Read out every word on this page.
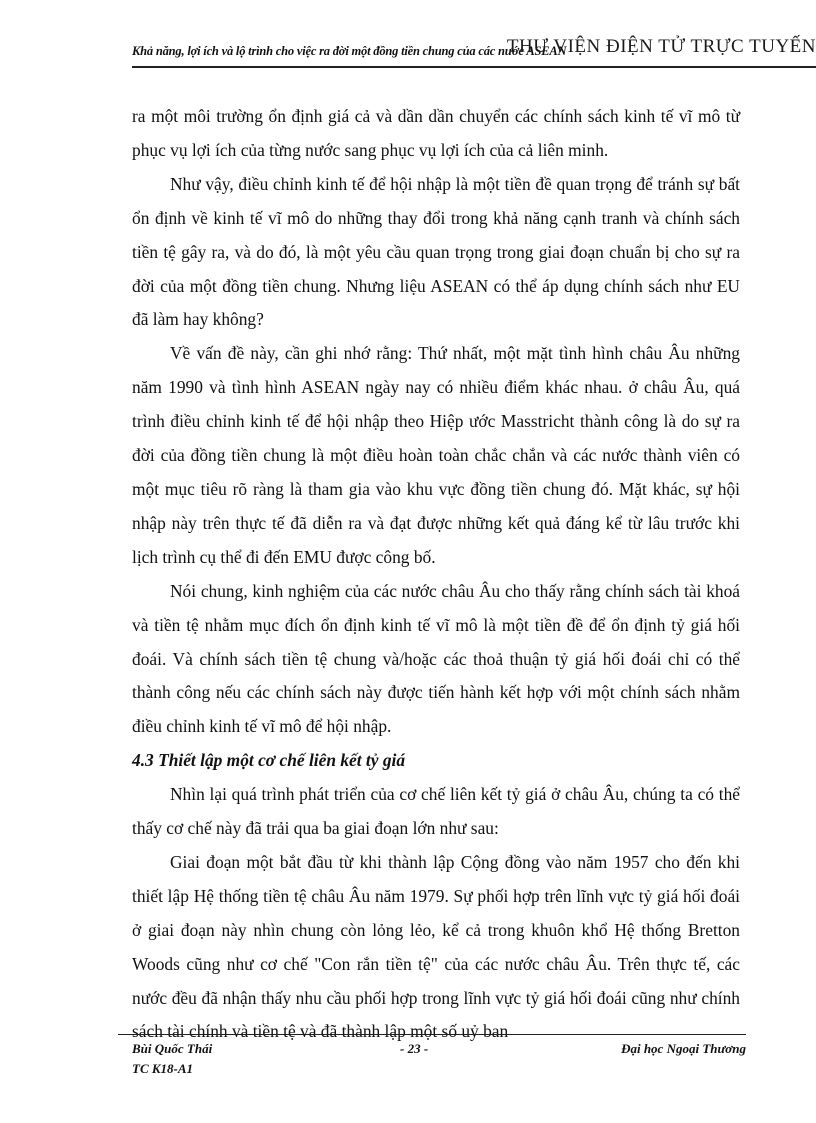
Khả năng, lợi ích và lộ trình cho việc ra đời một đồng tiền chung của các nước ASEAN
THƯ VIỆN ĐIỆN TỬ TRỰC TUYẾN

ra một môi trường ổn định giá cả và dần dần chuyển các chính sách kinh tế vĩ mô từ phục vụ lợi ích của từng nước sang phục vụ lợi ích của cả liên minh.

Như vậy, điều chỉnh kinh tế để hội nhập là một tiền đề quan trọng để tránh sự bất ổn định về kinh tế vĩ mô do những thay đổi trong khả năng cạnh tranh và chính sách tiền tệ gây ra, và do đó, là một yêu cầu quan trọng trong giai đoạn chuẩn bị cho sự ra đời của một đồng tiền chung. Nhưng liệu ASEAN có thể áp dụng chính sách như EU đã làm hay không?

Về vấn đề này, cần ghi nhớ rằng: Thứ nhất, một mặt tình hình châu Âu những năm 1990 và tình hình ASEAN ngày nay có nhiều điểm khác nhau. ở châu Âu, quá trình điều chỉnh kinh tế để hội nhập theo Hiệp ước Masstricht thành công là do sự ra đời của đồng tiền chung là một điều hoàn toàn chắc chắn và các nước thành viên có một mục tiêu rõ ràng là tham gia vào khu vực đồng tiền chung đó. Mặt khác, sự hội nhập này trên thực tế đã diễn ra và đạt được những kết quả đáng kể từ lâu trước khi lịch trình cụ thể đi đến EMU được công bố.

Nói chung, kinh nghiệm của các nước châu Âu cho thấy rằng chính sách tài khoá và tiền tệ nhằm mục đích ổn định kinh tế vĩ mô là một tiền đề để ổn định tỷ giá hối đoái. Và chính sách tiền tệ chung và/hoặc các thoả thuận tỷ giá hối đoái chỉ có thể thành công nếu các chính sách này được tiến hành kết hợp với một chính sách nhằm điều chỉnh kinh tế vĩ mô để hội nhập.

4.3 Thiết lập một cơ chế liên kết tỷ giá

Nhìn lại quá trình phát triển của cơ chế liên kết tỷ giá ở châu Âu, chúng ta có thể thấy cơ chế này đã trải qua ba giai đoạn lớn như sau:

Giai đoạn một bắt đầu từ khi thành lập Cộng đồng vào năm 1957 cho đến khi thiết lập Hệ thống tiền tệ châu Âu năm 1979. Sự phối hợp trên lĩnh vực tỷ giá hối đoái ở giai đoạn này nhìn chung còn lỏng lẻo, kể cả trong khuôn khổ Hệ thống Bretton Woods cũng như cơ chế "Con rắn tiền tệ" của các nước châu Âu. Trên thực tế, các nước đều đã nhận thấy nhu cầu phối hợp trong lĩnh vực tỷ giá hối đoái cũng như chính sách tài chính và tiền tệ và đã thành lập một số uỷ ban

Bùi Quốc Thái
TC K18-A1
- 23 -	Đại học Ngoại Thương
